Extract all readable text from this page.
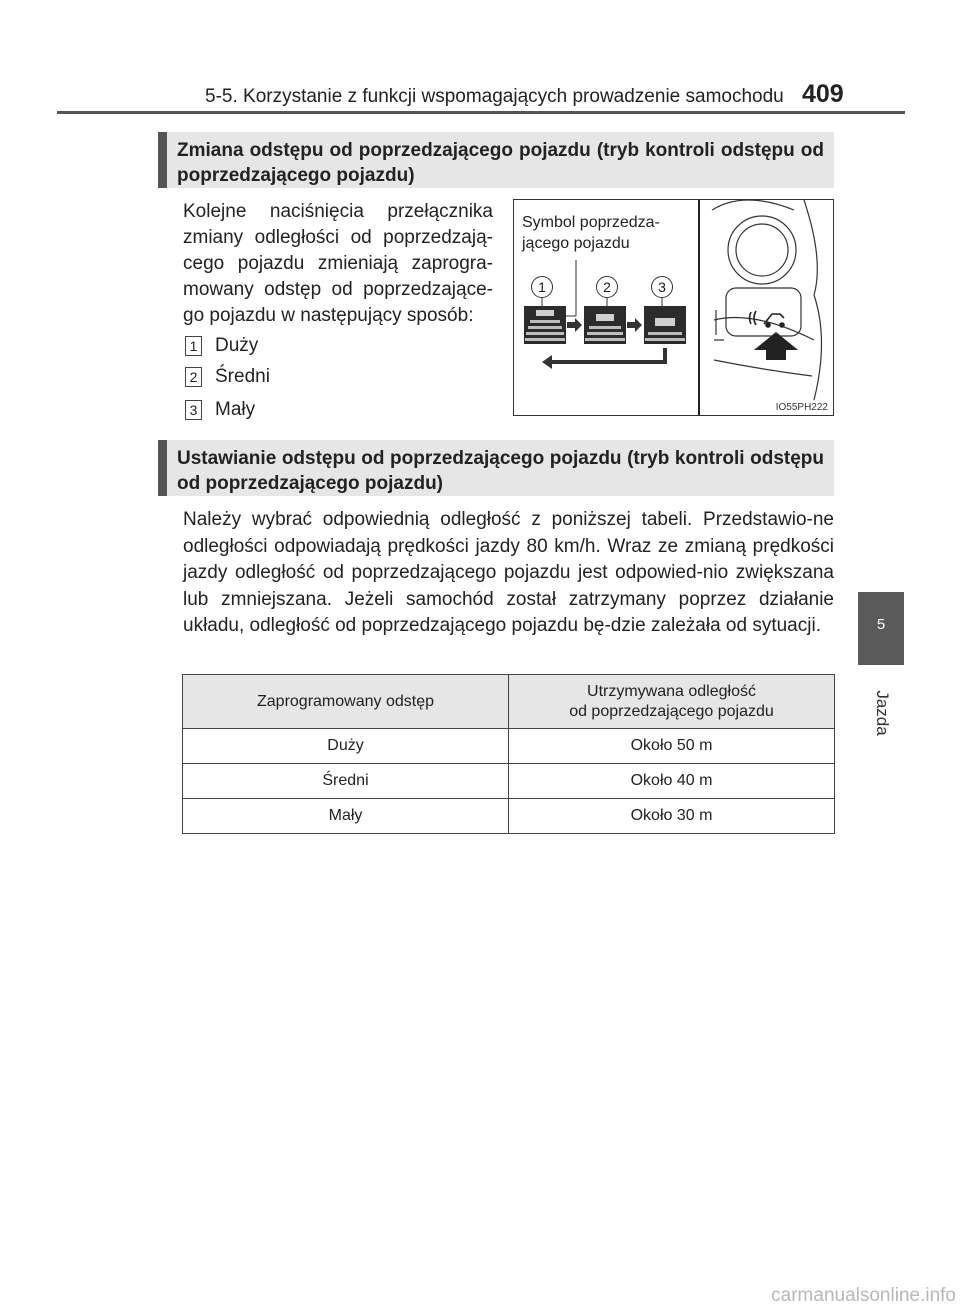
5-5. Korzystanie z funkcji wspomagających prowadzenie samochodu 409
5
Jazda
Zmiana odstępu od poprzedzającego pojazdu (tryb kontroli odstępu od poprzedzającego pojazdu)
Kolejne naciśnięcia przełącznika zmiany odległości od poprzedzają-cego pojazdu zmieniają zaprogra-mowany odstęp od poprzedzające-go pojazdu w następujący sposób:
1 Duży
2 Średni
3 Mały
Symbol poprzedza-
jącego pojazdu
1	2	3
IO55PH222
Ustawianie odstępu od poprzedzającego pojazdu (tryb kontroli odstępu od poprzedzającego pojazdu)
Należy wybrać odpowiednią odległość z poniższej tabeli. Przedstawio-ne odległości odpowiadają prędkości jazdy 80 km/h. Wraz ze zmianą prędkości jazdy odległość od poprzedzającego pojazdu jest odpowied-nio zwiększana lub zmniejszana. Jeżeli samochód został zatrzymany poprzez działanie układu, odległość od poprzedzającego pojazdu bę-dzie zależała od sytuacji.
Zaprogramowany odstęp	Utrzymywana odległość
od poprzedzającego pojazdu

Duży	Około 50 m
Średni	Około 40 m
Mały	Około 30 m
carmanualsonline.info
